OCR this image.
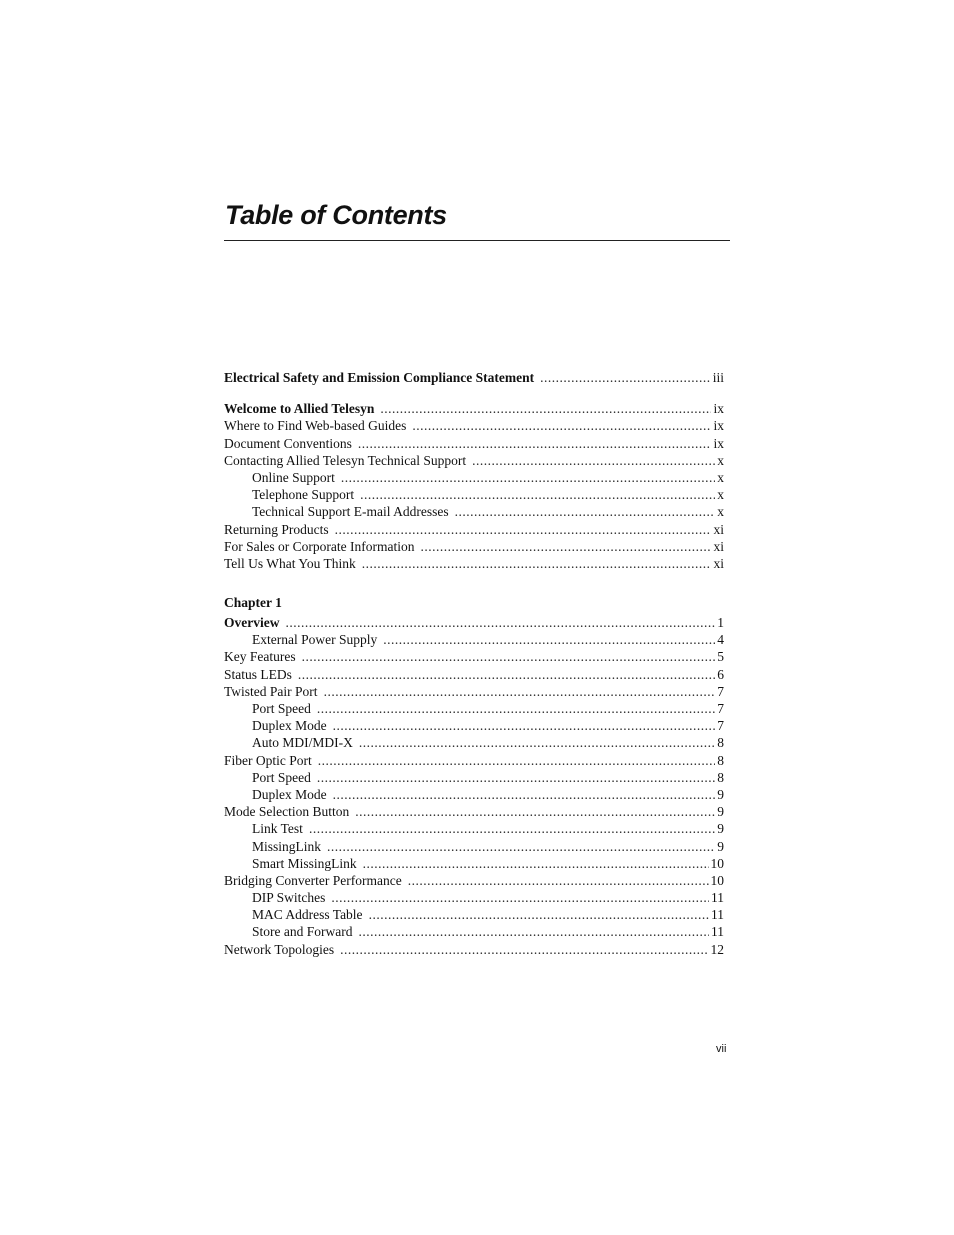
Table of Contents
Electrical Safety and Emission Compliance Statement .....	iii
Welcome to Allied Telesyn .....	ix
Where to Find Web-based Guides .....	ix
Document Conventions .....	ix
Contacting Allied Telesyn Technical Support .....	x
Online Support .....	x
Telephone Support .....	x
Technical Support E-mail Addresses .....	x
Returning Products .....	xi
For Sales or Corporate Information .....	xi
Tell Us What You Think .....	xi
Chapter 1
Overview .....	1
External Power Supply .....	4
Key Features .....	5
Status LEDs .....	6
Twisted Pair Port .....	7
Port Speed .....	7
Duplex Mode .....	7
Auto MDI/MDI-X .....	8
Fiber Optic Port .....	8
Port Speed .....	8
Duplex Mode .....	9
Mode Selection Button .....	9
Link Test .....	9
MissingLink .....	9
Smart MissingLink .....	10
Bridging Converter Performance .....	10
DIP Switches .....	11
MAC Address Table .....	11
Store and Forward .....	11
Network Topologies .....	12
vii
